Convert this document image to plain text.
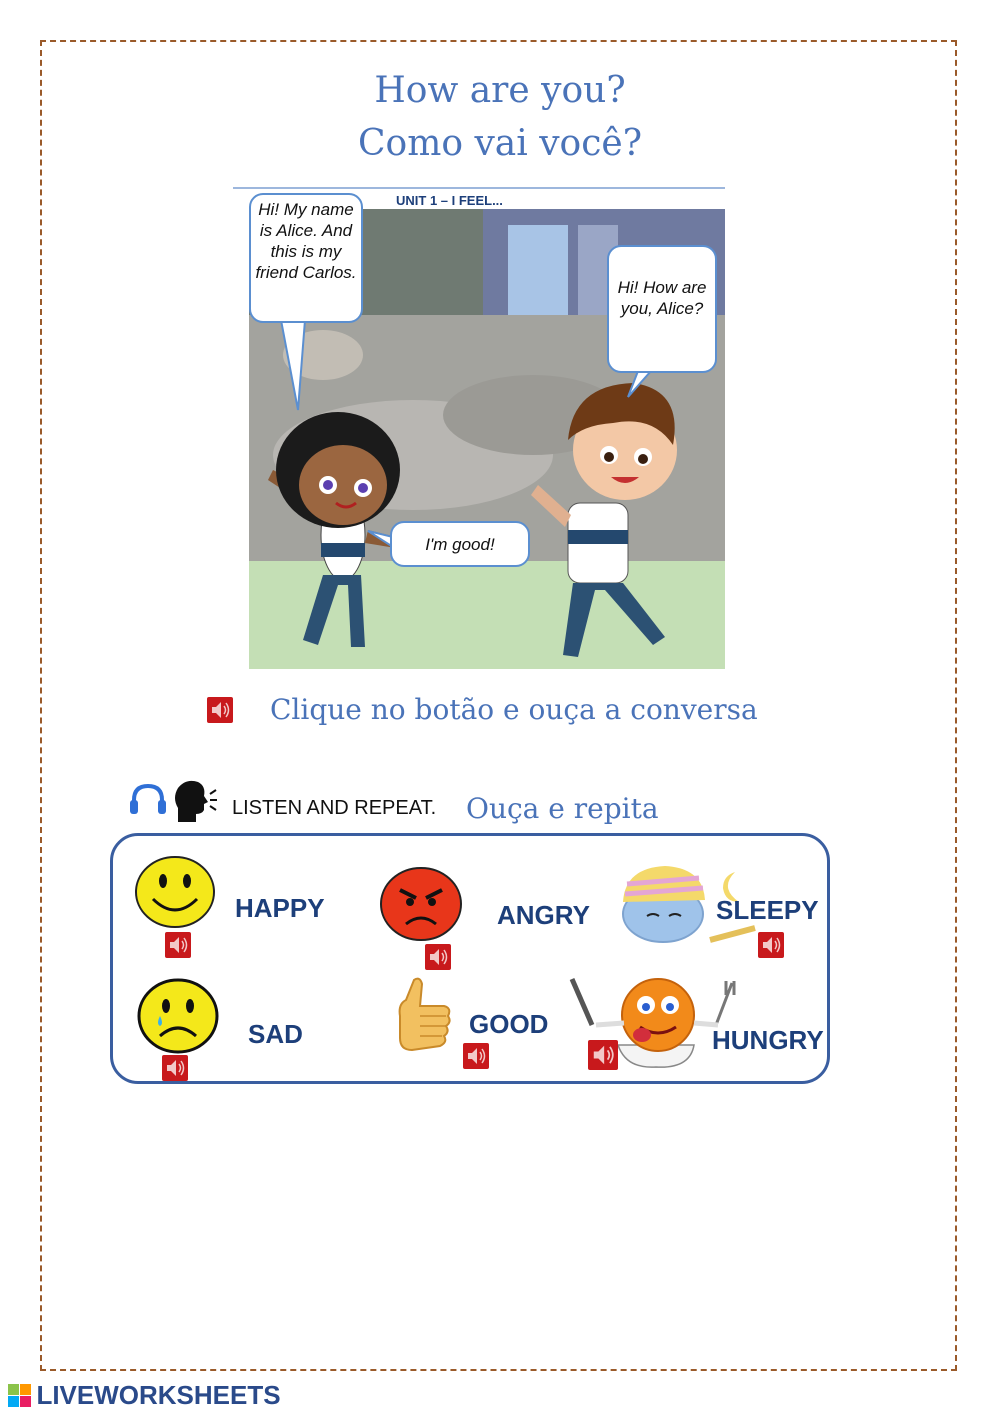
How are you?
Como vai você?
UNIT 1 – I FEEL...
Hi! My name is Alice. And this is my friend Carlos.
Hi! How are you, Alice?
I'm good!
Clique no botão e ouça a conversa
LISTEN AND REPEAT. Ouça e repita
HAPPY	ANGRY	SLEEPY
SAD	GOOD
HUNGRY
LIVEWORKSHEETS
